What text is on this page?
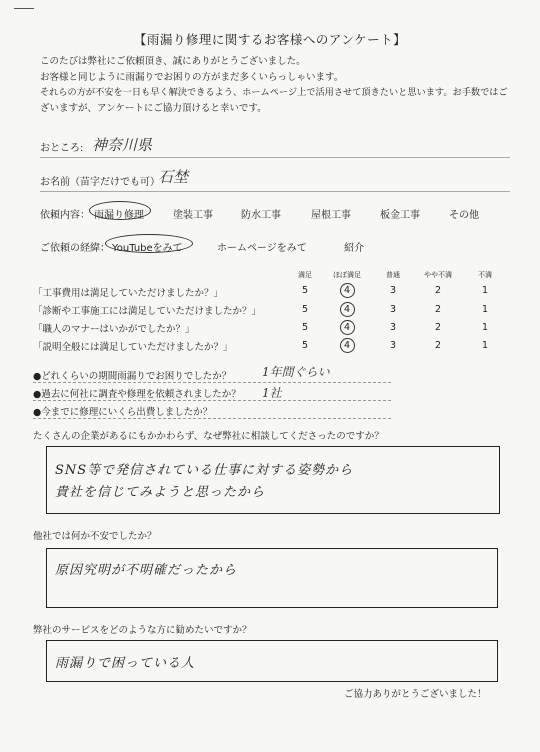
【雨漏り修理に関するお客様へのアンケート】
このたびは弊社にご依頼頂き、誠にありがとうございました。
お客様と同じように雨漏りでお困りの方がまだ多くいらっしゃいます。
それらの方が不安を一日も早く解決できるよう、ホームページ上で活用させて頂きたいと思います。お手数ではご
ざいますが、アンケートにご協力頂けると幸いです。
おところ: 神奈川県
お名前（苗字だけでも可）
石埜
依頼内容： 雨漏り修理	塗装工事	防水工事	屋根工事	板金工事	その他
ご依頼の経緯： YouTubeをみて	ホームページをみて	紹介
満足	ほぼ満足	普通	やや不満	不満
「工事費用は満足していただけましたか？」	5	4	3	2	1
「診断や工事施工には満足していただけましたか？」	5	4	3	2	1
「職人のマナーはいかがでしたか？」	5	4	3	2	1
「説明全般には満足していただけましたか？」	5	4	3	2	1
●どれくらいの期間雨漏りでお困りでしたか？	1年間ぐらい
●過去に何社に調査や修理を依頼されましたか？ 1社
●今までに修理にいくら出費しましたか？
たくさんの企業があるにもかかわらず、なぜ弊社に相談してくださったのですか？
SNS等で発信されている仕事に対する姿勢から
貴社を信じてみようと思ったから
他社では何か不安でしたか？
原因究明が不明確だったから
弊社のサービスをどのような方に勧めたいですか？
雨漏りで困っている人
ご協力ありがとうございました！
